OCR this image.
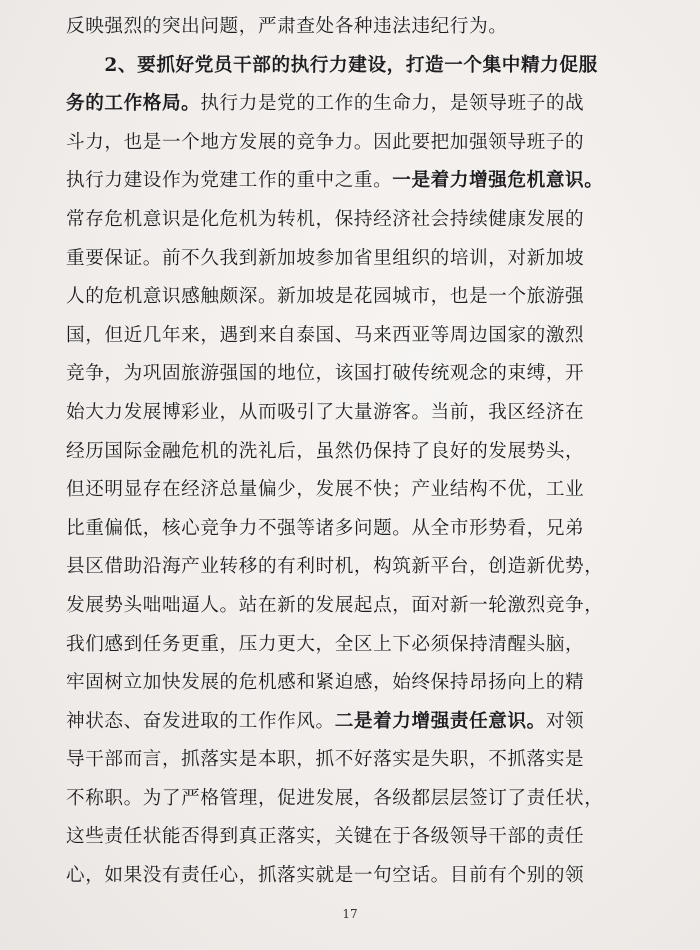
反映强烈的突出问题，严肃查处各种违法违纪行为。
　　2、要抓好党员干部的执行力建设，打造一个集中精力促服
务的工作格局。执行力是党的工作的生命力，是领导班子的战
斗力，也是一个地方发展的竞争力。因此要把加强领导班子的
执行力建设作为党建工作的重中之重。一是着力增强危机意识。
常存危机意识是化危机为转机，保持经济社会持续健康发展的
重要保证。前不久我到新加坡参加省里组织的培训，对新加坡
人的危机意识感触颇深。新加坡是花园城市，也是一个旅游强
国，但近几年来，遇到来自泰国、马来西亚等周边国家的激烈
竞争，为巩固旅游强国的地位，该国打破传统观念的束缚，开
始大力发展博彩业，从而吸引了大量游客。当前，我区经济在
经历国际金融危机的洗礼后，虽然仍保持了良好的发展势头，
但还明显存在经济总量偏少，发展不快；产业结构不优，工业
比重偏低，核心竞争力不强等诸多问题。从全市形势看，兄弟
县区借助沿海产业转移的有利时机，构筑新平台，创造新优势，
发展势头咄咄逼人。站在新的发展起点，面对新一轮激烈竞争，
我们感到任务更重，压力更大，全区上下必须保持清醒头脑，
牢固树立加快发展的危机感和紧迫感，始终保持昂扬向上的精
神状态、奋发进取的工作作风。二是着力增强责任意识。对领
导干部而言，抓落实是本职，抓不好落实是失职，不抓落实是
不称职。为了严格管理，促进发展，各级都层层签订了责任状，
这些责任状能否得到真正落实，关键在于各级领导干部的责任
心，如果没有责任心，抓落实就是一句空话。目前有个别的领
17
